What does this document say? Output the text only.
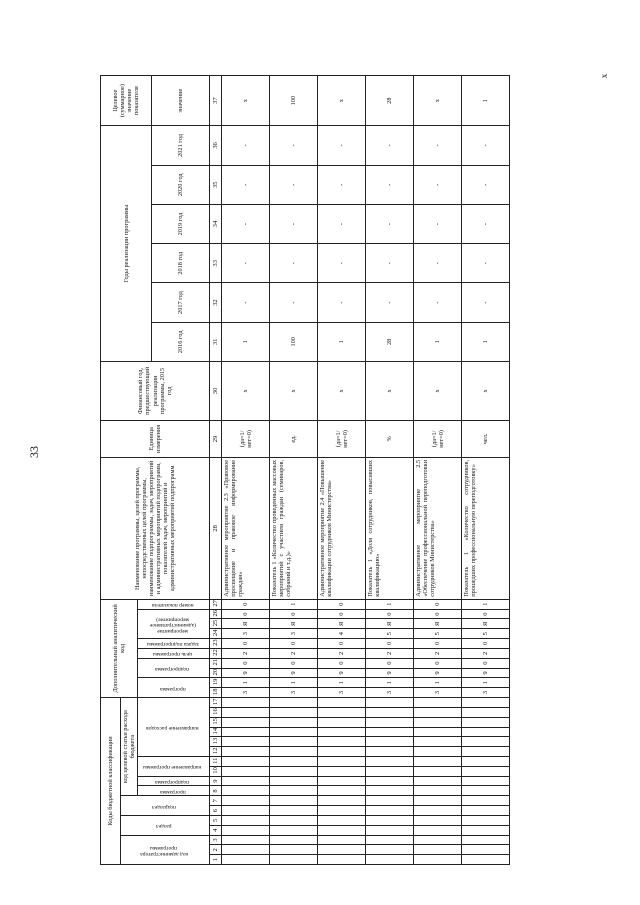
33
x
Коды бюджетной классификации																	Дополнительный аналитический код										Наименование программы, целей программы, непосредственных целей программы, наименование подпрограммы, задач, мероприятий и административных мероприятий подпрограмм, показателей задач, мероприятий и административных мероприятий подпрограмм	Единица измерения	Финансовый год, предшествующий реализации программы, 2015 год	Годы реализации программы						Целевое (суммарное) значение показателя
код администратора программы			раздел		подраздел		код целевой статьи расхода бюджета																													
							программа	подпрограмма	направление программы		направление расходов						программа		подпрограмма		цель программы	задача подпрограммы	мероприятие (административное мероприятие)			номер показателя										
																														2016 год	2017 год	2018 год	2019 год	2020 год	2021 год	значение
1	2	3	4	5	6	7	8	9	10	11	12	13	14	15	16	17	18	19	20	21	22	23	24	25	26	27	28	29	30	31	32	33	34	35	36	37
																	3	1	9	0	2	0	3	Я	0	0	Административное мероприятие 2.3 «Правовое просвещение и правовое информирование граждан»	(да=1/ нет=0)	x	1	-	-	-	-	-	x
																	3	1	9	0	2	0	3	Я	0	1	Показатель 1 «Количество проведенных массовых мероприятий с участием граждан (семинаров, собраний и т.д.)»	ед.	x	100	-	-	-	-	-	100
																	3	1	9	0	2	0	4	Я	0	0	Административное мероприятие 2.4 «Повышение квалификации сотрудников Министерства»	(да=1/ нет=0)	x	1	-	-	-	-	-	x
																	3	1	9	0	2	0	5	Я	0	1	Показатель 1 «Доля сотрудников, повысивших квалификацию»	%	x	28	-	-	-	-	-	28
																	3	1	9	0	2	0	5	Я	0	0	Административное мероприятие 2.5 «Обеспечение профессиональной переподготовки сотрудников Министерства»	(да=1/ нет=0)	x	1	-	-	-	-	-	x
																	3	1	9	0	2	0	5	Я	0	1	Показатель 1 «Количество сотрудников, прошедших профессиональную переподготовку»	чел.	x	1	-	-	-	-	-	1
